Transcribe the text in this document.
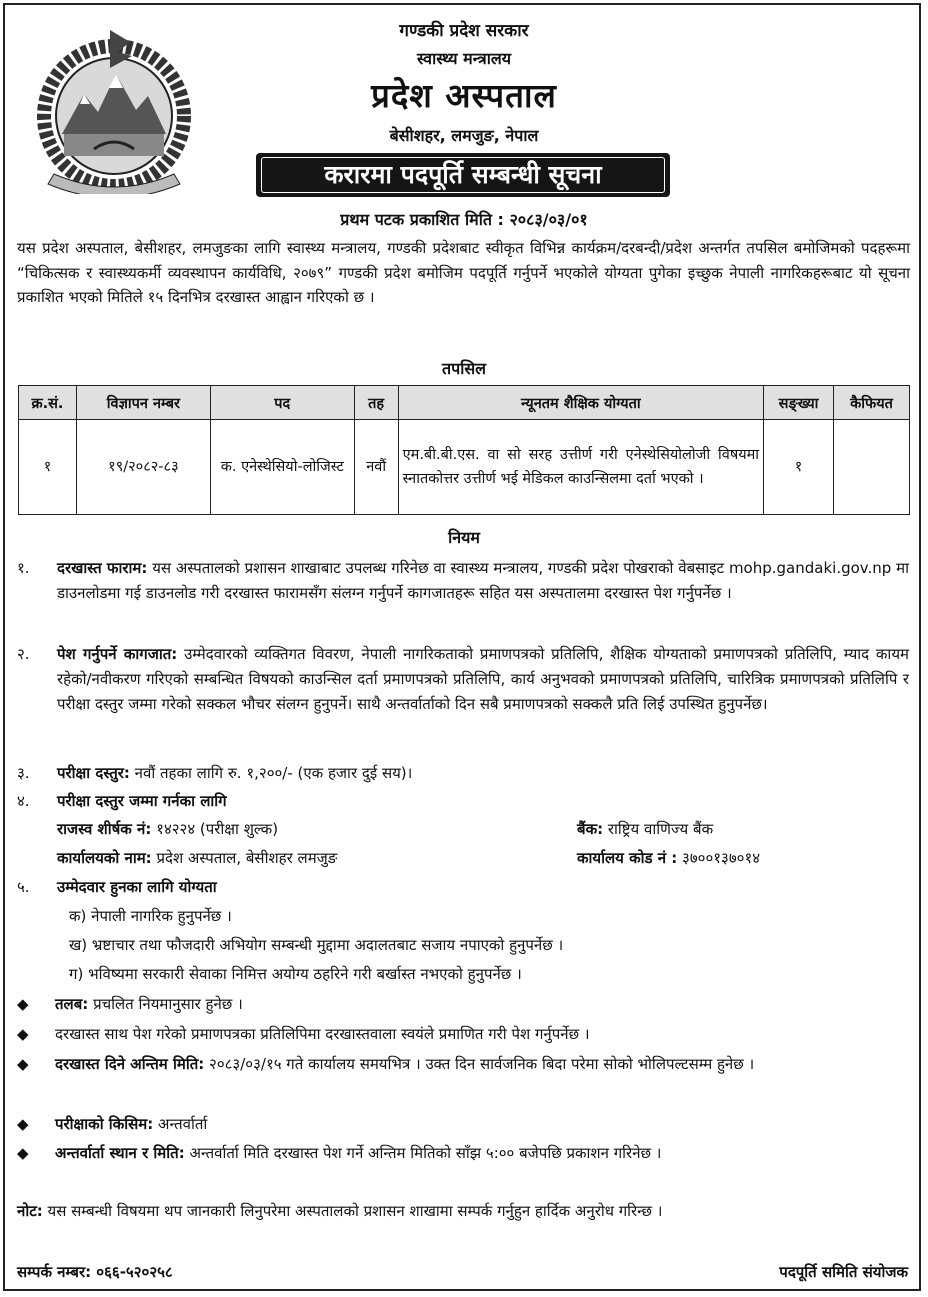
गण्डकी प्रदेश सरकार
स्वास्थ्य मन्त्रालय
प्रदेश अस्पताल
बेसीशहर, लमजुङ, नेपाल
करारमा पदपूर्ति सम्बन्धी सूचना
प्रथम पटक प्रकाशित मिति : २०८३/०३/०१
यस प्रदेश अस्पताल, बेसीशहर, लमजुङका लागि स्वास्थ्य मन्त्रालय, गण्डकी प्रदेशबाट स्वीकृत विभिन्न कार्यक्रम/दरबन्दी/प्रदेश अन्तर्गत तपसिल बमोजिमको पदहरूमा “चिकित्सक र स्वास्थ्यकर्मी व्यवस्थापन कार्यविधि, २०७९” गण्डकी प्रदेश बमोजिम पदपूर्ति गर्नुपर्ने भएकोले योग्यता पुगेका इच्छुक नेपाली नागरिकहरूबाट यो सूचना प्रकाशित भएको मितिले १५ दिनभित्र दरखास्त आह्वान गरिएको छ ।
तपसिल
क्र.सं.	विज्ञापन नम्बर	पद	तह	न्यूनतम शैक्षिक योग्यता	सङ्ख्या	कैफियत
१	१९/२०८२-८३	क. एनेस्थेसियो-लोजिस्ट	नवौं	एम.बी.बी.एस. वा सो सरह उत्तीर्ण गरी एनेस्थेसियोलोजी विषयमा स्नातकोत्तर उत्तीर्ण भई मेडिकल काउन्सिलमा दर्ता भएको ।	१	
नियम
१.	दरखास्त फाराम: यस अस्पतालको प्रशासन शाखाबाट उपलब्ध गरिनेछ वा स्वास्थ्य मन्त्रालय, गण्डकी प्रदेश पोखराको वेबसाइट mohp.gandaki.gov.np मा डाउनलोडमा गई डाउनलोड गरी दरखास्त फारामसँग संलग्न गर्नुपर्ने कागजातहरू सहित यस अस्पतालमा दरखास्त पेश गर्नुपर्नेछ ।
२.	पेश गर्नुपर्ने कागजात: उम्मेदवारको व्यक्तिगत विवरण, नेपाली नागरिकताको प्रमाणपत्रको प्रतिलिपि, शैक्षिक योग्यताको प्रमाणपत्रको प्रतिलिपि, म्याद कायम रहेको/नवीकरण गरिएको सम्बन्धित विषयको काउन्सिल दर्ता प्रमाणपत्रको प्रतिलिपि, कार्य अनुभवको प्रमाणपत्रको प्रतिलिपि, चारित्रिक प्रमाणपत्रको प्रतिलिपि र परीक्षा दस्तुर जम्मा गरेको सक्कल भौचर संलग्न हुनुपर्ने। साथै अन्तर्वार्ताको दिन सबै प्रमाणपत्रको सक्कलै प्रति लिई उपस्थित हुनुपर्नेछ।
३.	परीक्षा दस्तुर: नवौं तहका लागि रु. १,२००/- (एक हजार दुई सय)।
४.	परीक्षा दस्तुर जम्मा गर्नका लागि
राजस्व शीर्षक नं: १४२२४ (परीक्षा शुल्क)	बैंक: राष्ट्रिय वाणिज्य बैंक
कार्यालयको नाम: प्रदेश अस्पताल, बेसीशहर लमजुङ	कार्यालय कोड नं : ३७००१३७०१४
५.	उम्मेदवार हुनका लागि योग्यता
क) नेपाली नागरिक हुनुपर्नेछ ।
ख) भ्रष्टाचार तथा फौजदारी अभियोग सम्बन्धी मुद्दामा अदालतबाट सजाय नपाएको हुनुपर्नेछ ।
ग) भविष्यमा सरकारी सेवाका निमित्त अयोग्य ठहरिने गरी बर्खास्त नभएको हुनुपर्नेछ ।
◆	तलब: प्रचलित नियमानुसार हुनेछ ।
◆	दरखास्त साथ पेश गरेको प्रमाणपत्रका प्रतिलिपिमा दरखास्तवाला स्वयंले प्रमाणित गरी पेश गर्नुपर्नेछ ।
◆	दरखास्त दिने अन्तिम मिति: २०८३/०३/१५ गते कार्यालय समयभित्र । उक्त दिन सार्वजनिक बिदा परेमा सोको भोलिपल्टसम्म हुनेछ ।
◆	परीक्षाको किसिम: अन्तर्वार्ता
◆	अन्तर्वार्ता स्थान र मिति: अन्तर्वार्ता मिति दरखास्त पेश गर्ने अन्तिम मितिको साँझ ५:०० बजेपछि प्रकाशन गरिनेछ ।
नोट: यस सम्बन्धी विषयमा थप जानकारी लिनुपरेमा अस्पतालको प्रशासन शाखामा सम्पर्क गर्नुहुन हार्दिक अनुरोध गरिन्छ ।
सम्पर्क नम्बर: ०६६-५२०२५८	पदपूर्ति समिति संयोजक
